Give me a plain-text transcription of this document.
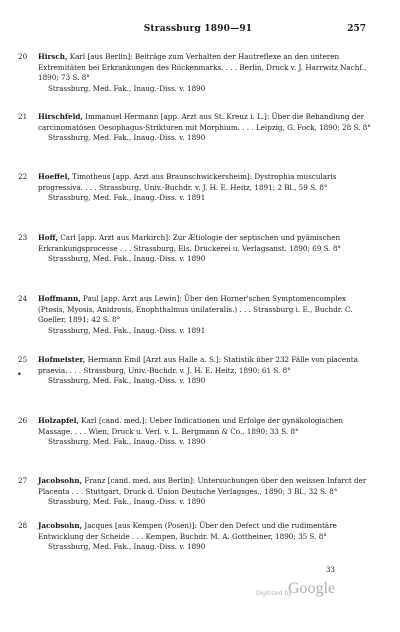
Strassburg 1890—91	257
20 Hirsch, Karl [aus Berlin]: Beiträge zum Verhalten der Hautreflexe an den unteren Extremitäten bei Erkrankungen des Rückenmarks. . . . Berlin, Druck v. J. Harrwitz Nachf., 1890; 73 S. 8°
Strassburg, Med. Fak., Inaug.-Diss. v. 1890
21 Hirschfeld, Immanuel Hermann [app. Arzt aus St. Kreuz i. L.]: Über die Behandlung der carcinomatösen Oesophagus-Strikturen mit Morphium. . . . Leipzig, G. Fock, 1890; 28 S. 8°
Strassburg, Med. Fak., Inaug.-Diss. v. 1890
22 Hoeffel, Timotheus [app. Arzt aus Braunschwickersheim]: Dystrophia muscularis progressiva. . . . Strassburg, Univ.-Buchdr. v. J. H. E. Heitz, 1891; 2 Bl., 59 S. 8°
Strassburg, Med. Fak., Inaug.-Diss. v. 1891
23 Hoff, Carl [app. Arzt aus Markirch]: Zur Ætiologie der septischen und pyämischen Erkrankungsprocesse . . . Strassburg, Els. Druckerei u. Verlagsanst. 1890; 69 S. 8°
Strassburg, Med. Fak., Inaug.-Diss. v. 1890
24 Hoffmann, Paul [app. Arzt aus Lewin]: Über den Horner'schen Symptomencomplex (Ptosis, Myosis, Anidrosis, Enophthalmus unilateralis.) . . . Strassburg i. E., Buchdr. C. Goeller, 1891; 42 S. 8°
Strassburg, Med. Fak., Inaug.-Diss. v. 1891
25 Hofmeister, Hermann Emil [Arzt aus Halle a. S.]: Statistik über 232 Fälle von placenta praevia. . . . Strassburg, Univ.-Buchdr. v. J. H. E. Heitz, 1890; 61 S. 8°
Strassburg, Med. Fak., Inaug.-Diss. v. 1890
26 Holzapfel, Karl [cand. med.]: Ueber Indicationen und Erfolge der gynäkologischen Massage. . . . Wien, Druck u. Verl. v. L. Bergmann & Co., 1890; 33 S. 8°
Strassburg, Med. Fak., Inaug.-Diss. v. 1890
27 Jacobsohn, Franz [cand. med. aus Berlin]: Untersuchungen über den weissen Infarct der Placenta . . . Stuttgart, Druck d. Union Deutsche Verlagsges., 1890; 3 Bl., 32 S. 8°
Strassburg, Med. Fak., Inaug.-Diss. v. 1890
28 Jacobsohn, Jacques [aus Kempen (Posen)]: Über den Defect und die rudimentäre Entwicklung der Scheide . . . Kempen, Buchdr. M. A. Gottheiner, 1890; 35 S. 8°
Strassburg, Med. Fak., Inaug.-Diss. v. 1890
•
33
Digitized by
Google
